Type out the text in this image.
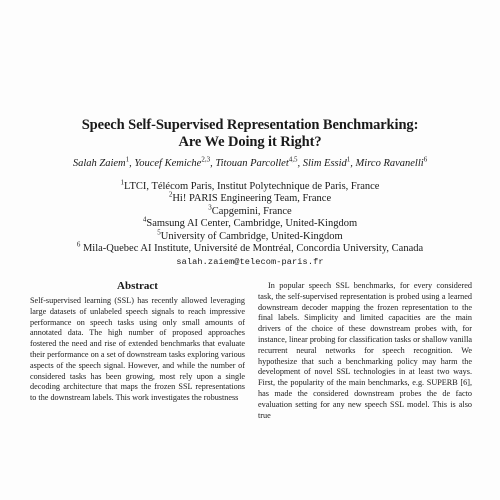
Speech Self-Supervised Representation Benchmarking:
Are We Doing it Right?
Salah Zaiem$^1$, Youcef Kemiche$^{2,3}$, Titouan Parcollet$^{4,5}$, Slim Essid$^1$, Mirco Ravanelli$^6$
$^1$LTCI, Télécom Paris, Institut Polytechnique de Paris, France
$^2$Hi! PARIS Engineering Team, France
$^3$Capgemini, France
$^4$Samsung AI Center, Cambridge, United-Kingdom
$^5$University of Cambridge, United-Kingdom
$^6$ Mila-Quebec AI Institute, Université de Montréal, Concordia University, Canada
salah.zaiem@telecom-paris.fr
Abstract

Self-supervised learning (SSL) has recently allowed leveraging large datasets of unlabeled speech signals to reach impressive performance on speech tasks using only small amounts of annotated data. The high number of proposed approaches fostered the need and rise of extended benchmarks that evaluate their performance on a set of downstream tasks exploring various aspects of the speech signal. However, and while the number of considered tasks has been growing, most rely upon a single decoding architecture that maps the frozen SSL representations to the downstream labels. This work investigates the robustness

In popular speech SSL benchmarks, for every considered task, the self-supervised representation is probed using a learned downstream decoder mapping the frozen representation to the final labels. Simplicity and limited capacities are the main drivers of the choice of these downstream probes with, for instance, linear probing for classification tasks or shallow vanilla recurrent neural networks for speech recognition. We hypothesize that such a benchmarking policy may harm the development of novel SSL technologies in at least two ways. First, the popularity of the main benchmarks, e.g. SUPERB [6], has made the considered downstream probes the de facto evaluation setting for any new speech SSL model. This is also true
